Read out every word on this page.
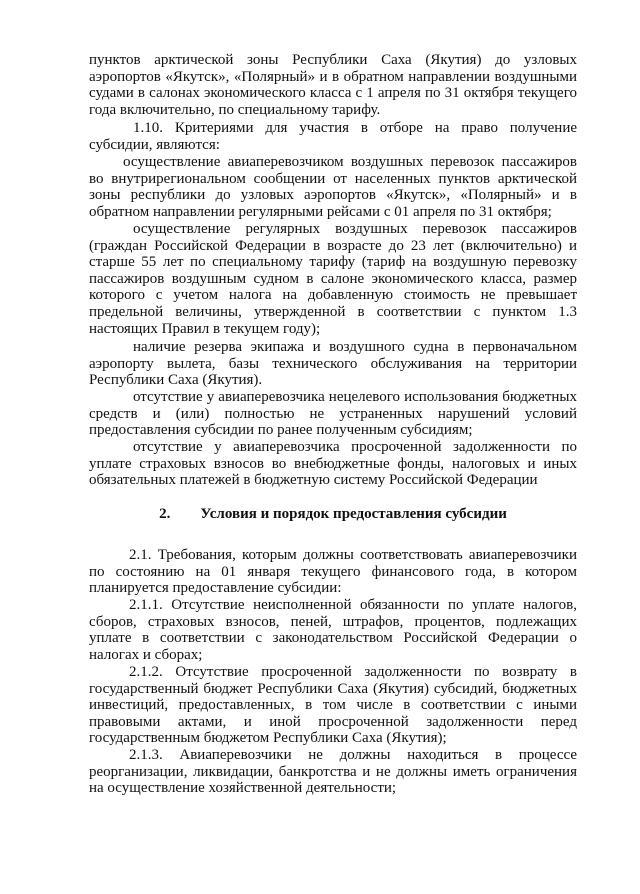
пунктов арктической зоны Республики Саха (Якутия) до узловых аэропортов «Якутск», «Полярный» и в обратном направлении воздушными судами в салонах экономического класса с 1 апреля по 31 октября текущего года включительно, по специальному тарифу.

1.10. Критериями для участия в отборе на право получение субсидии, являются:

осуществление авиаперевозчиком воздушных перевозок пассажиров во внутрирегиональном сообщении от населенных пунктов арктической зоны республики до узловых аэропортов «Якутск», «Полярный» и в обратном направлении регулярными рейсами с 01 апреля по 31 октября;

осуществление регулярных воздушных перевозок пассажиров (граждан Российской Федерации в возрасте до 23 лет (включительно) и старше 55 лет по специальному тарифу (тариф на воздушную перевозку пассажиров воздушным судном в салоне экономического класса, размер которого с учетом налога на добавленную стоимость не превышает предельной величины, утвержденной в соответствии с пунктом 1.3 настоящих Правил в текущем году);

наличие резерва экипажа и воздушного судна в первоначальном аэропорту вылета, базы технического обслуживания на территории Республики Саха (Якутия).

отсутствие у авиаперевозчика нецелевого использования бюджетных средств и (или) полностью не устраненных нарушений условий предоставления субсидии по ранее полученным субсидиям;

отсутствие у авиаперевозчика просроченной задолженности по уплате страховых взносов во внебюджетные фонды, налоговых и иных обязательных платежей в бюджетную систему Российской Федерации

2. Условия и порядок предоставления субсидии

2.1. Требования, которым должны соответствовать авиаперевозчики по состоянию на 01 января текущего финансового года, в котором планируется предоставление субсидии:

2.1.1. Отсутствие неисполненной обязанности по уплате налогов, сборов, страховых взносов, пеней, штрафов, процентов, подлежащих уплате в соответствии с законодательством Российской Федерации о налогах и сборах;

2.1.2. Отсутствие просроченной задолженности по возврату в государственный бюджет Республики Саха (Якутия) субсидий, бюджетных инвестиций, предоставленных, в том числе в соответствии с иными правовыми актами, и иной просроченной задолженности перед государственным бюджетом Республики Саха (Якутия);

2.1.3. Авиаперевозчики не должны находиться в процессе реорганизации, ликвидации, банкротства и не должны иметь ограничения на осуществление хозяйственной деятельности;
